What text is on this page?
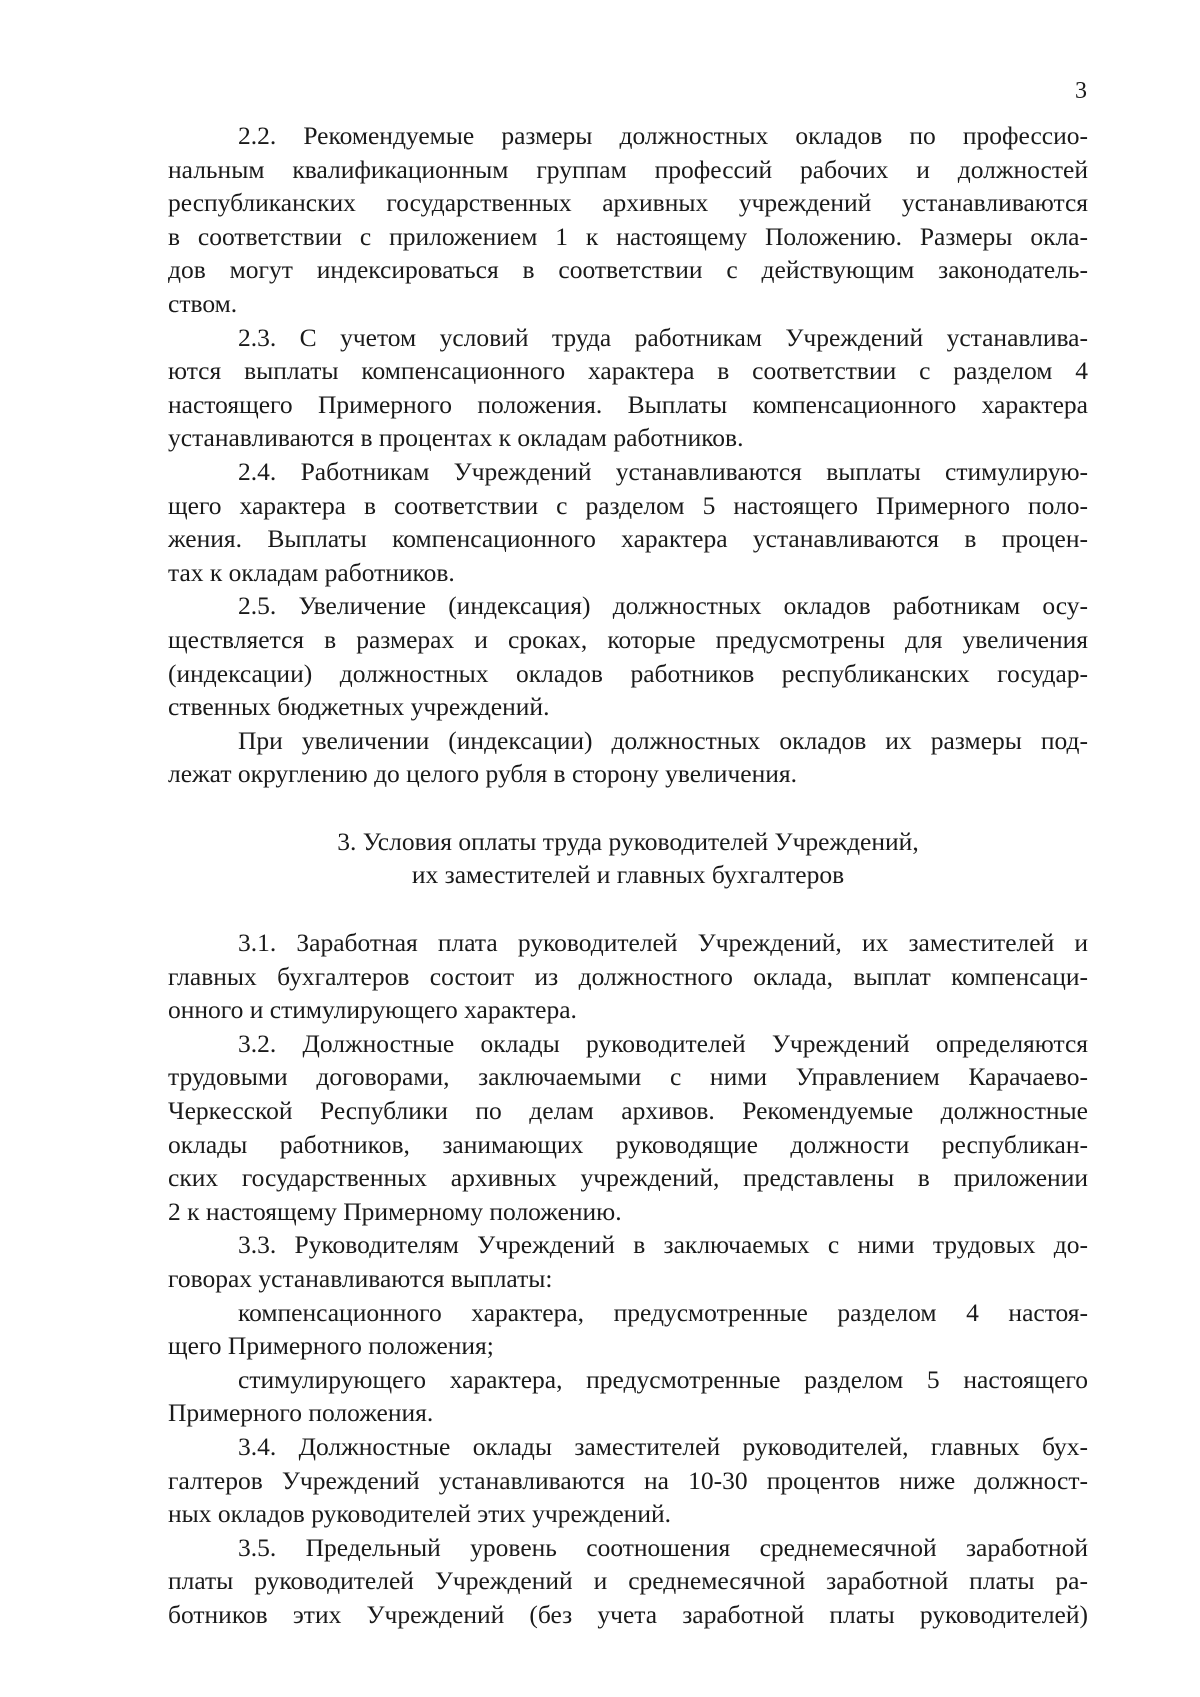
3
2.2. Рекомендуемые размеры должностных окладов по профессио-
нальным квалификационным группам профессий рабочих и должностей
республиканских государственных архивных учреждений устанавливаются
в соответствии с приложением 1 к настоящему Положению. Размеры окла-
дов могут индексироваться в соответствии с действующим законодатель-
ством.
2.3. С учетом условий труда работникам Учреждений устанавлива-
ются выплаты компенсационного характера в соответствии с разделом 4
настоящего Примерного положения. Выплаты компенсационного характера
устанавливаются в процентах к окладам работников.
2.4. Работникам Учреждений устанавливаются выплаты стимулирую-
щего характера в соответствии с разделом 5 настоящего Примерного поло-
жения. Выплаты компенсационного характера устанавливаются в процен-
тах к окладам работников.
2.5. Увеличение (индексация) должностных окладов работникам осу-
ществляется в размерах и сроках, которые предусмотрены для увеличения
(индексации) должностных окладов работников республиканских государ-
ственных бюджетных учреждений.
При увеличении (индексации) должностных окладов их размеры под-
лежат округлению до целого рубля в сторону увеличения.
3. Условия оплаты труда руководителей Учреждений,
их заместителей и главных бухгалтеров
3.1. Заработная плата руководителей Учреждений, их заместителей и
главных бухгалтеров состоит из должностного оклада, выплат компенсаци-
онного и стимулирующего характера.
3.2. Должностные оклады руководителей Учреждений определяются
трудовыми договорами, заключаемыми с ними Управлением Карачаево-
Черкесской Республики по делам архивов. Рекомендуемые должностные
оклады работников, занимающих руководящие должности республикан-
ских государственных архивных учреждений, представлены в приложении
2 к настоящему Примерному положению.
3.3. Руководителям Учреждений в заключаемых с ними трудовых до-
говорах устанавливаются выплаты:
компенсационного характера, предусмотренные разделом 4 настоя-
щего Примерного положения;
стимулирующего характера, предусмотренные разделом 5 настоящего
Примерного положения.
3.4. Должностные оклады заместителей руководителей, главных бух-
галтеров Учреждений устанавливаются на 10-30 процентов ниже должност-
ных окладов руководителей этих учреждений.
3.5. Предельный уровень соотношения среднемесячной заработной
платы руководителей Учреждений и среднемесячной заработной платы ра-
ботников этих Учреждений (без учета заработной платы руководителей)
